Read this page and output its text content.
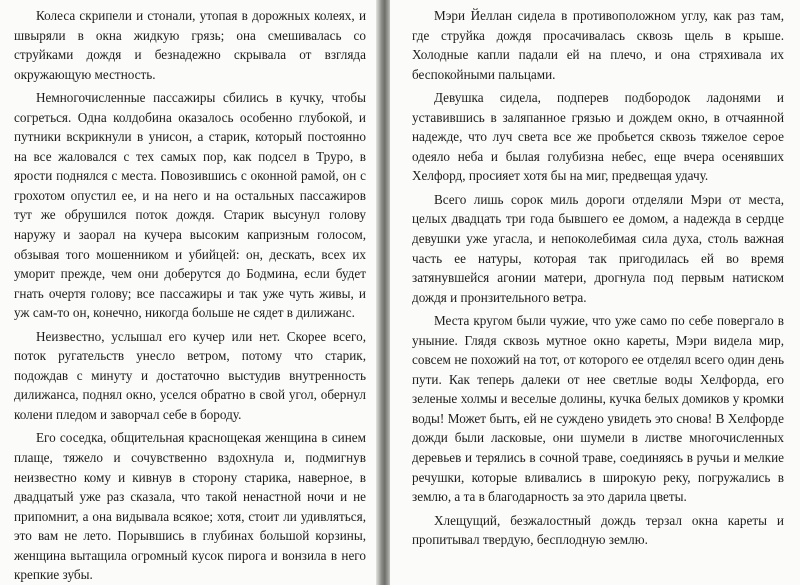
Колеса скрипели и стонали, утопая в дорожных колеях, и швыряли в окна жидкую грязь; она смешивалась со струйками дождя и безнадежно скрывала от взгляда окружающую местность.

Немногочисленные пассажиры сбились в кучку, чтобы согреться. Одна колдобина оказалось особенно глубокой, и путники вскрикнули в унисон, а старик, который постоянно на все жаловался с тех самых пор, как подсел в Труро, в ярости поднялся с места. Повозившись с оконной рамой, он с грохотом опустил ее, и на него и на остальных пассажиров тут же обрушился поток дождя. Старик высунул голову наружу и заорал на кучера высоким капризным голосом, обзывая того мошенником и убийцей: он, дескать, всех их уморит прежде, чем они доберутся до Бодмина, если будет гнать очертя голову; все пассажиры и так уже чуть живы, и уж сам-то он, конечно, никогда больше не сядет в дилижанс.

Неизвестно, услышал его кучер или нет. Скорее всего, поток ругательств унесло ветром, потому что старик, подождав с минуту и достаточно выстудив внутренность дилижанса, поднял окно, уселся обратно в свой угол, обернул колени пледом и заворчал себе в бороду.

Его соседка, общительная краснощекая женщина в синем плаще, тяжело и сочувственно вздохнула и, подмигнув неизвестно кому и кивнув в сторону старика, наверное, в двадцатый уже раз сказала, что такой ненастной ночи и не припомнит, а она видывала всякое; хотя, стоит ли удивляться, это вам не лето. Порывшись в глубинах большой корзины, женщина вытащила огромный кусок пирога и вонзила в него крепкие зубы.

Мэри Йеллан сидела в противоположном углу, как раз там, где струйка дождя просачивалась сквозь щель в крыше. Холодные капли падали ей на плечо, и она стряхивала их беспокойными пальцами.

Девушка сидела, подперев подбородок ладонями и уставившись в заляпанное грязью и дождем окно, в отчаянной надежде, что луч света все же пробьется сквозь тяжелое серое одеяло неба и былая голубизна небес, еще вчера осенявших Хелфорд, просияет хотя бы на миг, предвещая удачу.

Всего лишь сорок миль дороги отделяли Мэри от места, целых двадцать три года бывшего ее домом, а надежда в сердце девушки уже угасла, и непоколебимая сила духа, столь важная часть ее натуры, которая так пригодилась ей во время затянувшейся агонии матери, дрогнула под первым натиском дождя и пронзительного ветра.

Места кругом были чужие, что уже само по себе повергало в уныние. Глядя сквозь мутное окно кареты, Мэри видела мир, совсем не похожий на тот, от которого ее отделял всего один день пути. Как теперь далеки от нее светлые воды Хелфорда, его зеленые холмы и веселые долины, кучка белых домиков у кромки воды! Может быть, ей не суждено увидеть это снова! В Хелфорде дожди были ласковые, они шумели в листве многочисленных деревьев и терялись в сочной траве, соединяясь в ручьи и мелкие речушки, которые вливались в широкую реку, погружались в землю, а та в благодарность за это дарила цветы.

Хлещущий, безжалостный дождь терзал окна кареты и пропитывал твердую, бесплодную землю.
